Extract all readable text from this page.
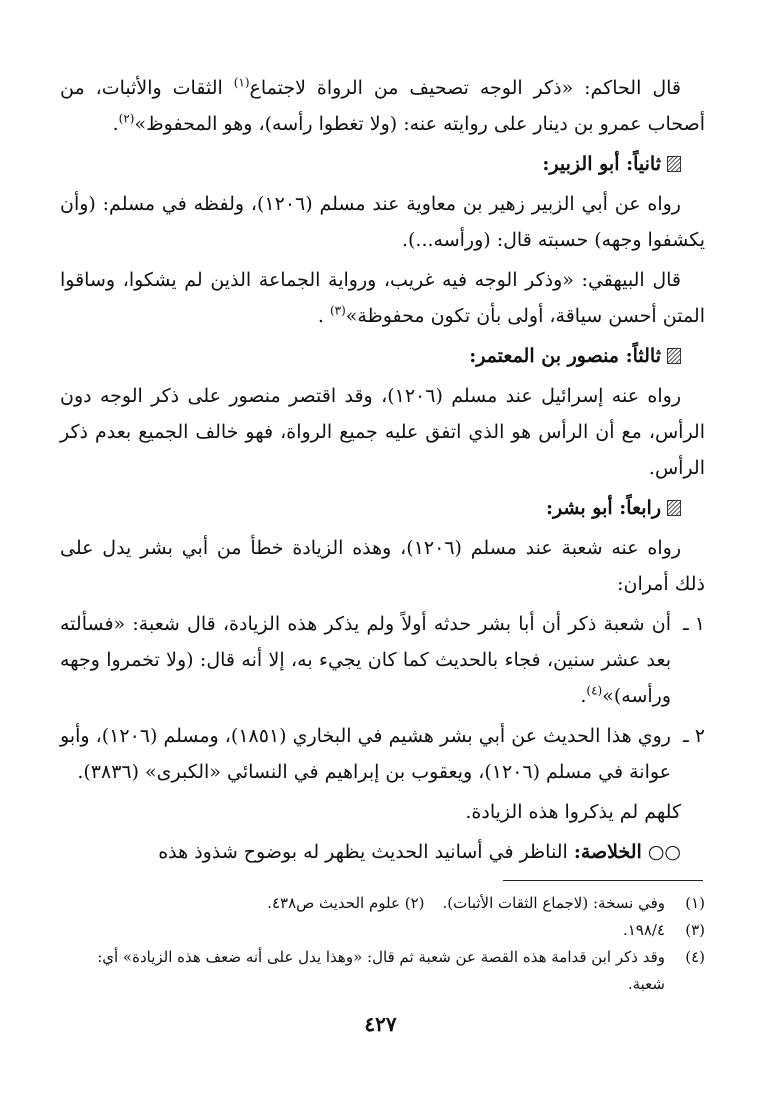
قال الحاكم: «ذكر الوجه تصحيف من الرواة لاجتماع$^{(١)}$ الثقات والأثبات، من أصحاب عمرو بن دينار على روايته عنه: (ولا تغطوا رأسه)، وهو المحفوظ»$^{(٢)}$.

ثانياً: أبو الزبير:

رواه عن أبي الزبير زهير بن معاوية عند مسلم (١٢٠٦)، ولفظه في مسلم: (وأن يكشفوا وجهه) حسبته قال: (ورأسه...).

قال البيهقي: «وذكر الوجه فيه غريب، ورواية الجماعة الذين لم يشكوا، وساقوا المتن أحسن سياقة، أولى بأن تكون محفوظة»$^{(٣)}$ .

ثالثاً: منصور بن المعتمر:

رواه عنه إسرائيل عند مسلم (١٢٠٦)، وقد اقتصر منصور على ذكر الوجه دون الرأس، مع أن الرأس هو الذي اتفق عليه جميع الرواة، فهو خالف الجميع بعدم ذكر الرأس.

رابعاً: أبو بشر:

رواه عنه شعبة عند مسلم (١٢٠٦)، وهذه الزيادة خطأ من أبي بشر يدل على ذلك أمران:

١ ـ
أن شعبة ذكر أن أبا بشر حدثه أولاً ولم يذكر هذه الزيادة، قال شعبة: «فسألته بعد عشر سنين، فجاء بالحديث كما كان يجيء به، إلا أنه قال: (ولا تخمروا وجهه ورأسه)»$^{(٤)}$.
٢ ـ
روي هذا الحديث عن أبي بشر هشيم في البخاري (١٨٥١)، ومسلم (١٢٠٦)، وأبو عوانة في مسلم (١٢٠٦)، ويعقوب بن إبراهيم في النسائي «الكبرى» (٣٨٣٦).

كلهم لم يذكروا هذه الزيادة.

○○الخلاصة: الناظر في أسانيد الحديث يظهر له بوضوح شذوذ هذه

(١)
وفي نسخة: (لاجماع الثقات الأثبات).(٢) علوم الحديث ص٤٣٨.
(٣)
١٩٨/٤.
(٤)
وقد ذكر ابن قدامة هذه القصة عن شعبة ثم قال: «وهذا يدل على أنه ضعف هذه الزيادة» أي: شعبة.
٤٢٧
